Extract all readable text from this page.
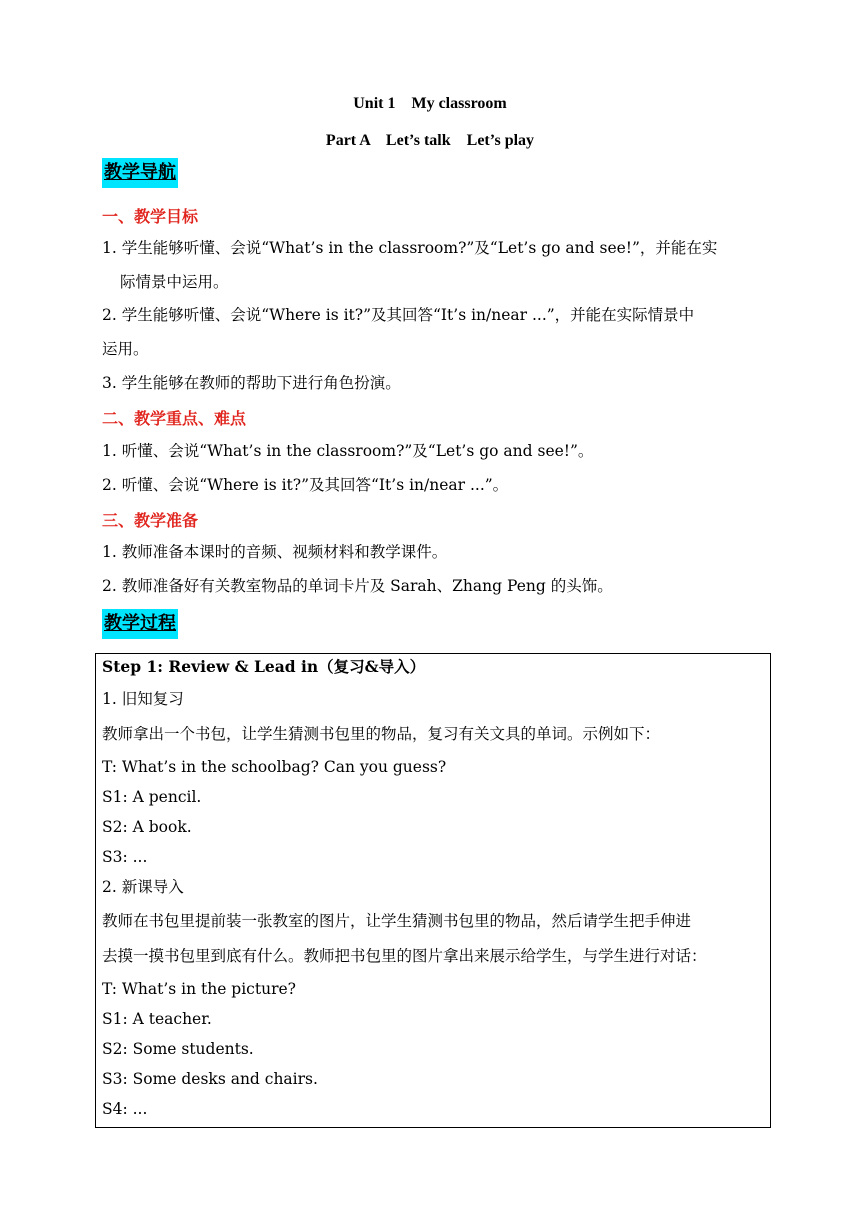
Unit 1　My classroom
Part A　Let’s talk　Let’s play
教学导航
一、教学目标
1. 学生能够听懂、会说“What’s in the classroom?”及“Let’s go and see!”，并能在实
际情景中运用。
2. 学生能够听懂、会说“Where is it?”及其回答“It’s in/near ...”，并能在实际情景中
运用。
3. 学生能够在教师的帮助下进行角色扮演。
二、教学重点、难点
1. 听懂、会说“What’s in the classroom?”及“Let’s go and see!”。
2. 听懂、会说“Where is it?”及其回答“It’s in/near ...”。
三、教学准备
1. 教师准备本课时的音频、视频材料和教学课件。
2. 教师准备好有关教室物品的单词卡片及 Sarah、Zhang Peng 的头饰。
教学过程
Step 1: Review & Lead in（复习&导入）
1. 旧知复习
教师拿出一个书包，让学生猜测书包里的物品，复习有关文具的单词。示例如下：
T: What’s in the schoolbag? Can you guess?
S1: A pencil.
S2: A book.
S3: ...
2. 新课导入
教师在书包里提前装一张教室的图片，让学生猜测书包里的物品，然后请学生把手伸进
去摸一摸书包里到底有什么。教师把书包里的图片拿出来展示给学生，与学生进行对话：
T: What’s in the picture?
S1: A teacher.
S2: Some students.
S3: Some desks and chairs.
S4: ...
